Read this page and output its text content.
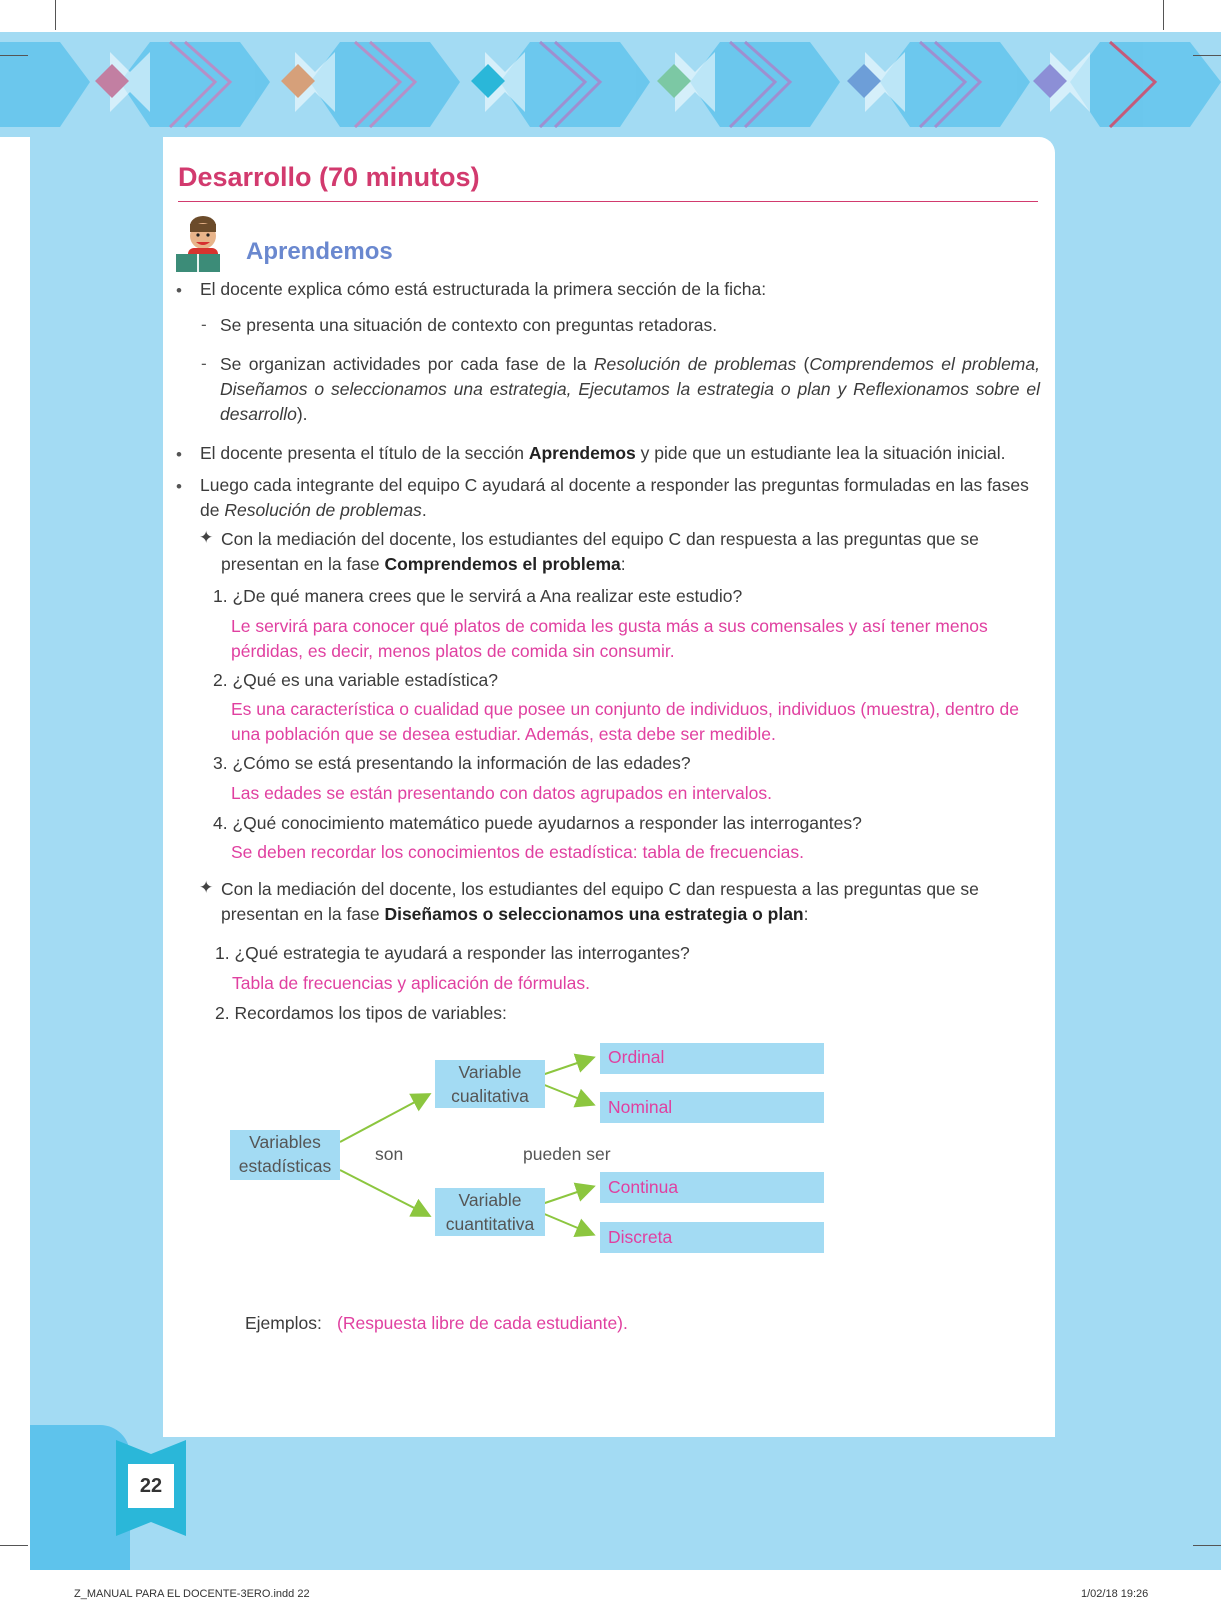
Desarrollo (70 minutos)
Aprendemos
• El docente explica cómo está estructurada la primera sección de la ficha:
- Se presenta una situación de contexto con preguntas retadoras.
- Se organizan actividades por cada fase de la Resolución de problemas (Comprendemos el problema, Diseñamos o seleccionamos una estrategia, Ejecutamos la estrategia o plan y Reflexionamos sobre el desarrollo).
• El docente presenta el título de la sección Aprendemos y pide que un estudiante lea la situación inicial.
• Luego cada integrante del equipo C ayudará al docente a responder las preguntas formuladas en las fases de Resolución de problemas.
✦ Con la mediación del docente, los estudiantes del equipo C dan respuesta a las preguntas que se presentan en la fase Comprendemos el problema:
1. ¿De qué manera crees que le servirá a Ana realizar este estudio?
Le servirá para conocer qué platos de comida les gusta más a sus comensales y así tener menos pérdidas, es decir, menos platos de comida sin consumir.
2. ¿Qué es una variable estadística?
Es una característica o cualidad que posee un conjunto de individuos, individuos (muestra), dentro de una población que se desea estudiar. Además, esta debe ser medible.
3. ¿Cómo se está presentando la información de las edades?
Las edades se están presentando con datos agrupados en intervalos.
4. ¿Qué conocimiento matemático puede ayudarnos a responder las interrogantes?
Se deben recordar los conocimientos de estadística: tabla de frecuencias.
✦ Con la mediación del docente, los estudiantes del equipo C dan respuesta a las preguntas que se presentan en la fase Diseñamos o seleccionamos una estrategia o plan:
1. ¿Qué estrategia te ayudará a responder las interrogantes?
Tabla de frecuencias y aplicación de fórmulas.
2. Recordamos los tipos de variables:
Variables estadísticas
son	pueden ser
Variable cualitativa
Variable cuantitativa
Ordinal
Nominal
Continua
Discreta
Ejemplos: (Respuesta libre de cada estudiante).
22
Z_MANUAL PARA EL DOCENTE-3ERO.indd 22	1/02/18 19:26
